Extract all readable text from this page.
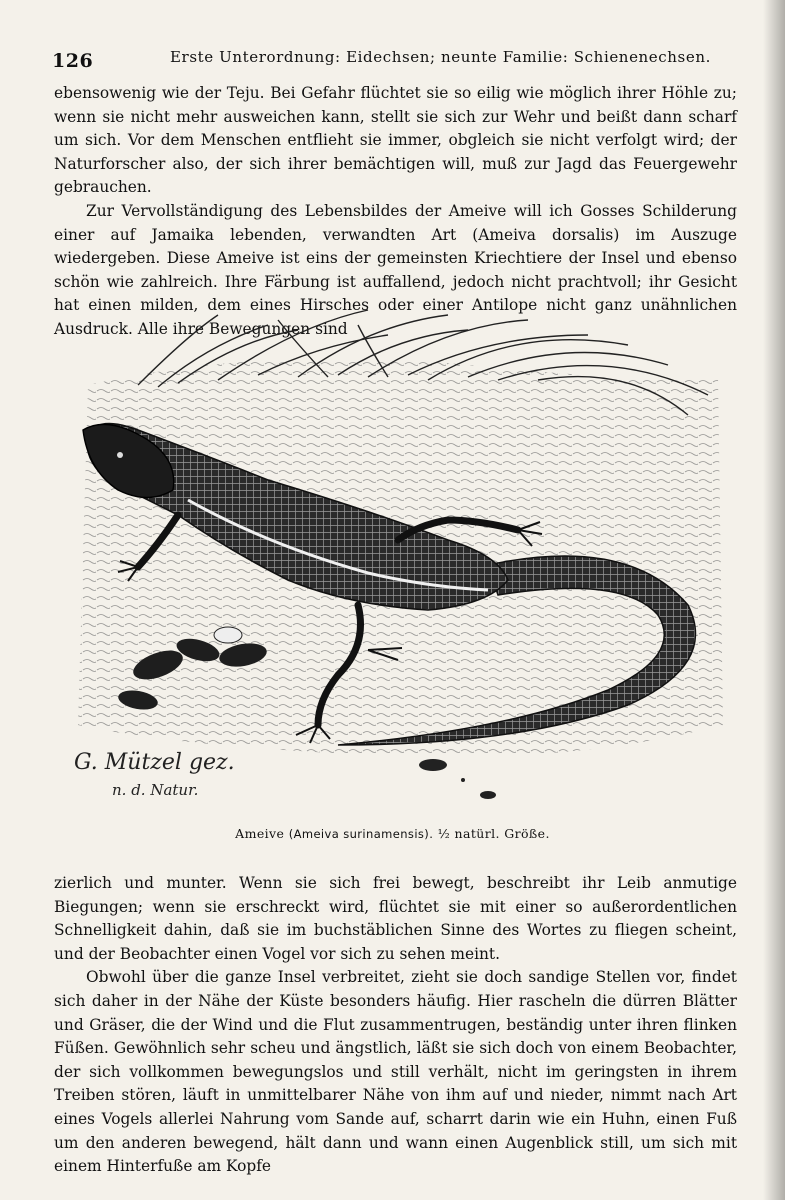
126	Erste Unterordnung: Eidechsen; neunte Familie: Schienenechsen.

ebensowenig wie der Teju. Bei Gefahr flüchtet sie so eilig wie möglich ihrer Höhle zu; wenn sie nicht mehr ausweichen kann, stellt sie sich zur Wehr und beißt dann scharf um sich. Vor dem Menschen entflieht sie immer, obgleich sie nicht verfolgt wird; der Naturforscher also, der sich ihrer bemächtigen will, muß zur Jagd das Feuergewehr gebrauchen.

Zur Vervollständigung des Lebensbildes der Ameive will ich Gosses Schilderung einer auf Jamaika lebenden, verwandten Art (Ameiva dorsalis) im Auszuge wiedergeben. Diese Ameive ist eins der gemeinsten Kriechtiere der Insel und ebenso schön wie zahlreich. Ihre Färbung ist auffallend, jedoch nicht prachtvoll; ihr Gesicht hat einen milden, dem eines Hirsches oder einer Antilope nicht ganz unähnlichen Ausdruck. Alle ihre Bewegungen sind

G. Mützel gez.
n. d. Natur.
Ameive (Ameiva surinamensis). ½ natürl. Größe.

zierlich und munter. Wenn sie sich frei bewegt, beschreibt ihr Leib anmutige Biegungen; wenn sie erschreckt wird, flüchtet sie mit einer so außerordentlichen Schnelligkeit dahin, daß sie im buchstäblichen Sinne des Wortes zu fliegen scheint, und der Beobachter einen Vogel vor sich zu sehen meint.

Obwohl über die ganze Insel verbreitet, zieht sie doch sandige Stellen vor, findet sich daher in der Nähe der Küste besonders häufig. Hier rascheln die dürren Blätter und Gräser, die der Wind und die Flut zusammentrugen, beständig unter ihren flinken Füßen. Gewöhnlich sehr scheu und ängstlich, läßt sie sich doch von einem Beobachter, der sich vollkommen bewegungslos und still verhält, nicht im geringsten in ihrem Treiben stören, läuft in unmittelbarer Nähe von ihm auf und nieder, nimmt nach Art eines Vogels allerlei Nahrung vom Sande auf, scharrt darin wie ein Huhn, einen Fuß um den anderen bewegend, hält dann und wann einen Augenblick still, um sich mit einem Hinterfuße am Kopfe
